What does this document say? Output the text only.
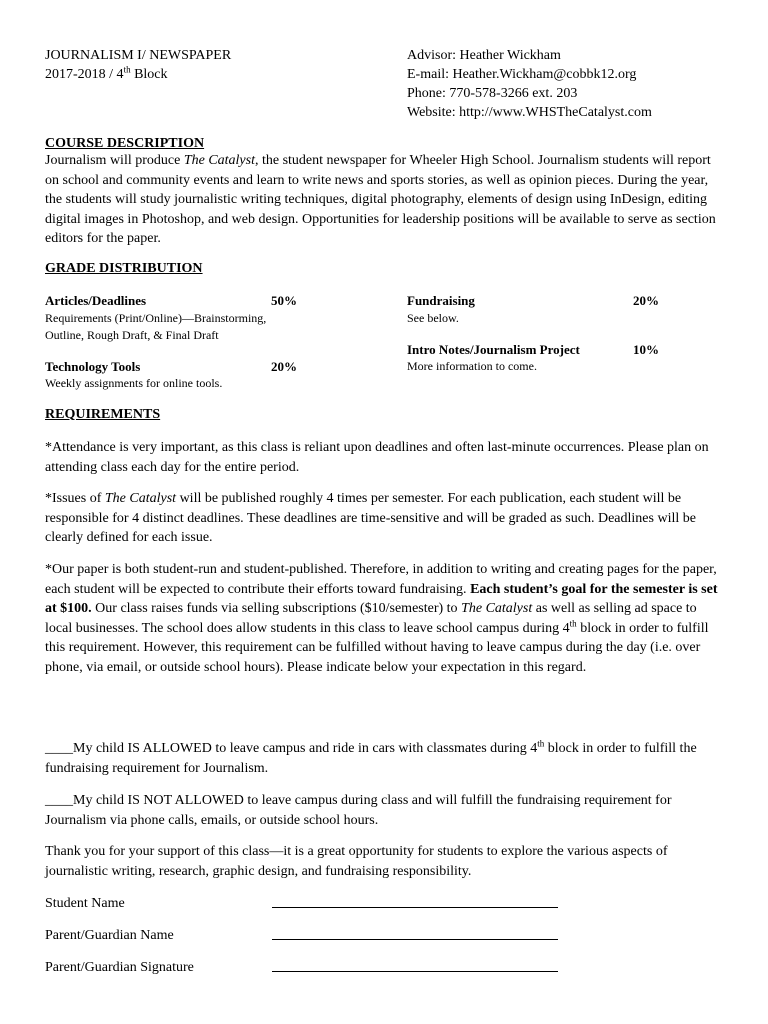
JOURNALISM I/ NEWSPAPER
2017-2018 / 4th Block
Advisor: Heather Wickham
E-mail: Heather.Wickham@cobbk12.org
Phone: 770-578-3266 ext. 203
Website: http://www.WHSTheCatalyst.com
COURSE DESCRIPTION

Journalism will produce The Catalyst, the student newspaper for Wheeler High School. Journalism students will report on school and community events and learn to write news and sports stories, as well as opinion pieces. During the year, the students will study journalistic writing techniques, digital photography, elements of design using InDesign, editing digital images in Photoshop, and web design. Opportunities for leadership positions will be available to serve as section editors for the paper.

GRADE DISTRIBUTION
Articles/Deadlines	50%
Requirements (Print/Online)—Brainstorming, Outline, Rough Draft, & Final Draft
Fundraising	20%
See below.
Intro Notes/Journalism Project	10%
More information to come.
Technology Tools	20%
Weekly assignments for online tools.
REQUIREMENTS

*Attendance is very important, as this class is reliant upon deadlines and often last-minute occurrences. Please plan on attending class each day for the entire period.

*Issues of The Catalyst will be published roughly 4 times per semester. For each publication, each student will be responsible for 4 distinct deadlines. These deadlines are time-sensitive and will be graded as such. Deadlines will be clearly defined for each issue.

*Our paper is both student-run and student-published. Therefore, in addition to writing and creating pages for the paper, each student will be expected to contribute their efforts toward fundraising. Each student’s goal for the semester is set at $100. Our class raises funds via selling subscriptions ($10/semester) to The Catalyst as well as selling ad space to local businesses. The school does allow students in this class to leave school campus during 4th block in order to fulfill this requirement. However, this requirement can be fulfilled without having to leave campus during the day (i.e. over phone, via email, or outside school hours). Please indicate below your expectation in this regard.

____My child IS ALLOWED to leave campus and ride in cars with classmates during 4th block in order to fulfill the fundraising requirement for Journalism.

____My child IS NOT ALLOWED to leave campus during class and will fulfill the fundraising requirement for Journalism via phone calls, emails, or outside school hours.

Thank you for your support of this class—it is a great opportunity for students to explore the various aspects of journalistic writing, research, graphic design, and fundraising responsibility.

Student Name
Parent/Guardian Name
Parent/Guardian Signature
